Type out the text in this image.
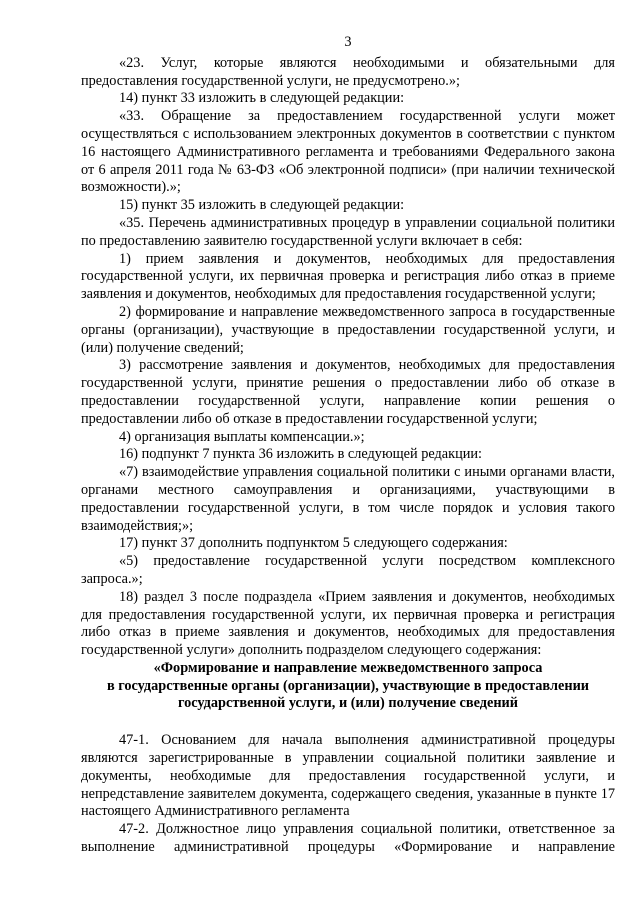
3

«23. Услуг, которые являются необходимыми и обязательными для предоставления государственной услуги, не предусмотрено.»;

14) пункт 33 изложить в следующей редакции:

«33. Обращение за предоставлением государственной услуги может осуществляться с использованием электронных документов в соответствии с пунктом 16 настоящего Административного регламента и требованиями Федерального закона от 6 апреля 2011 года № 63-ФЗ «Об электронной подписи» (при наличии технической возможности).»;

15) пункт 35 изложить в следующей редакции:

«35. Перечень административных процедур в управлении социальной политики по предоставлению заявителю государственной услуги включает в себя:

1) прием заявления и документов, необходимых для предоставления государственной услуги, их первичная проверка и регистрация либо отказ в приеме заявления и документов, необходимых для предоставления государственной услуги;

2) формирование и направление межведомственного запроса в государственные органы (организации), участвующие в предоставлении государственной услуги, и (или) получение сведений;

3) рассмотрение заявления и документов, необходимых для предоставления государственной услуги, принятие решения о предоставлении либо об отказе в предоставлении государственной услуги, направление копии решения о предоставлении либо об отказе в предоставлении государственной услуги;

4) организация выплаты компенсации.»;

16) подпункт 7 пункта 36 изложить в следующей редакции:

«7) взаимодействие управления социальной политики с иными органами власти, органами местного самоуправления и организациями, участвующими в предоставлении государственной услуги, в том числе порядок и условия такого взаимодействия;»;

17) пункт 37 дополнить подпунктом 5 следующего содержания:

«5) предоставление государственной услуги посредством комплексного запроса.»;

18) раздел 3 после подраздела «Прием заявления и документов, необходимых для предоставления государственной услуги, их первичная проверка и регистрация либо отказ в приеме заявления и документов, необходимых для предоставления государственной услуги» дополнить подразделом следующего содержания:

«Формирование и направление межведомственного запроса

в государственные органы (организации), участвующие в предоставлении

государственной услуги, и (или) получение сведений

47-1. Основанием для начала выполнения административной процедуры являются зарегистрированные в управлении социальной политики заявление и документы, необходимые для предоставления государственной услуги, и непредставление заявителем документа, содержащего сведения, указанные в пункте 17 настоящего Административного регламента

47-2. Должностное лицо управления социальной политики, ответственное за выполнение административной процедуры «Формирование и направление
